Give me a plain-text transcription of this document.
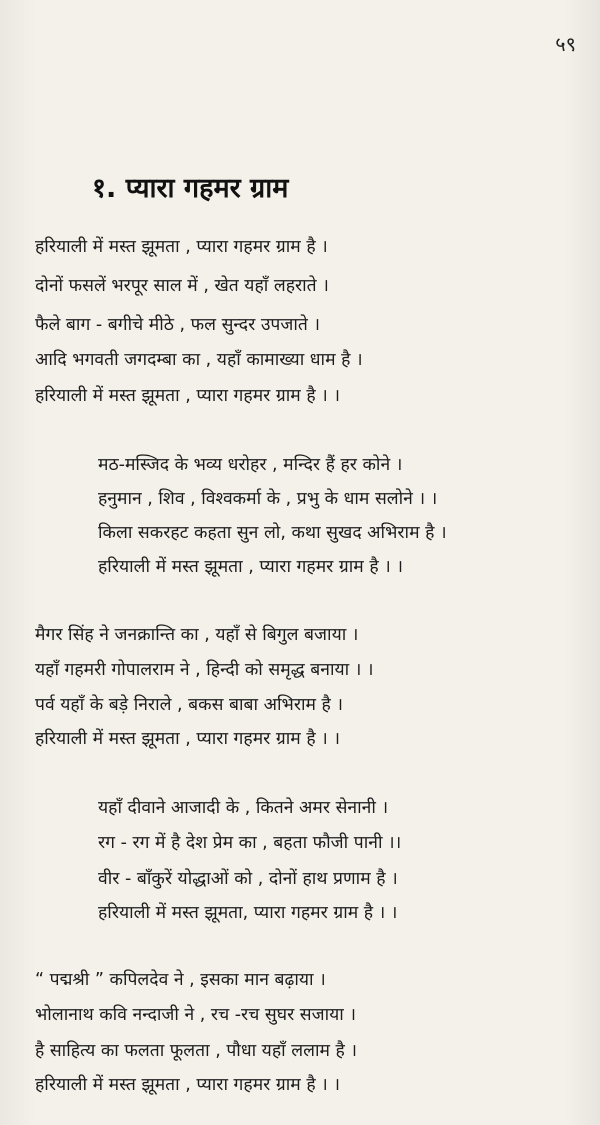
५९
१. प्यारा गहमर ग्राम
हरियाली में मस्त झूमता , प्यारा गहमर ग्राम है ।
दोनों फसलें भरपूर साल में , खेत यहाँ लहराते ।
फैले बाग - बगीचे मीठे , फल सुन्दर उपजाते ।
आदि भगवती जगदम्बा का , यहाँ कामाख्या धाम है ।
हरियाली में मस्त झूमता , प्यारा गहमर ग्राम है । ।
मठ-मस्जिद के भव्य धरोहर , मन्दिर हैं हर कोने ।
हनुमान , शिव , विश्वकर्मा के , प्रभु के धाम सलोने । ।
किला सकरहट कहता सुन लो, कथा सुखद अभिराम है ।
हरियाली में मस्त झूमता , प्यारा गहमर ग्राम है । ।
मैगर सिंह ने जनक्रान्ति का , यहाँ से बिगुल बजाया ।
यहाँ गहमरी गोपालराम ने , हिन्दी को समृद्ध बनाया । ।
पर्व यहाँ के बड़े निराले , बकस बाबा अभिराम है ।
हरियाली में मस्त झूमता , प्यारा गहमर ग्राम है । ।
यहाँ दीवाने आजादी के , कितने अमर सेनानी ।
रग - रग में है देश प्रेम का , बहता फौजी पानी ।।
वीर - बाँकुरें योद्धाओं को , दोनों हाथ प्रणाम है ।
हरियाली में मस्त झूमता, प्यारा गहमर ग्राम है । ।
“ पद्मश्री ” कपिलदेव ने , इसका मान बढ़ाया ।
भोलानाथ कवि नन्दाजी ने , रच -रच सुघर सजाया ।
है साहित्य का फलता फूलता , पौधा यहाँ ललाम है ।
हरियाली में मस्त झूमता , प्यारा गहमर ग्राम है । ।
